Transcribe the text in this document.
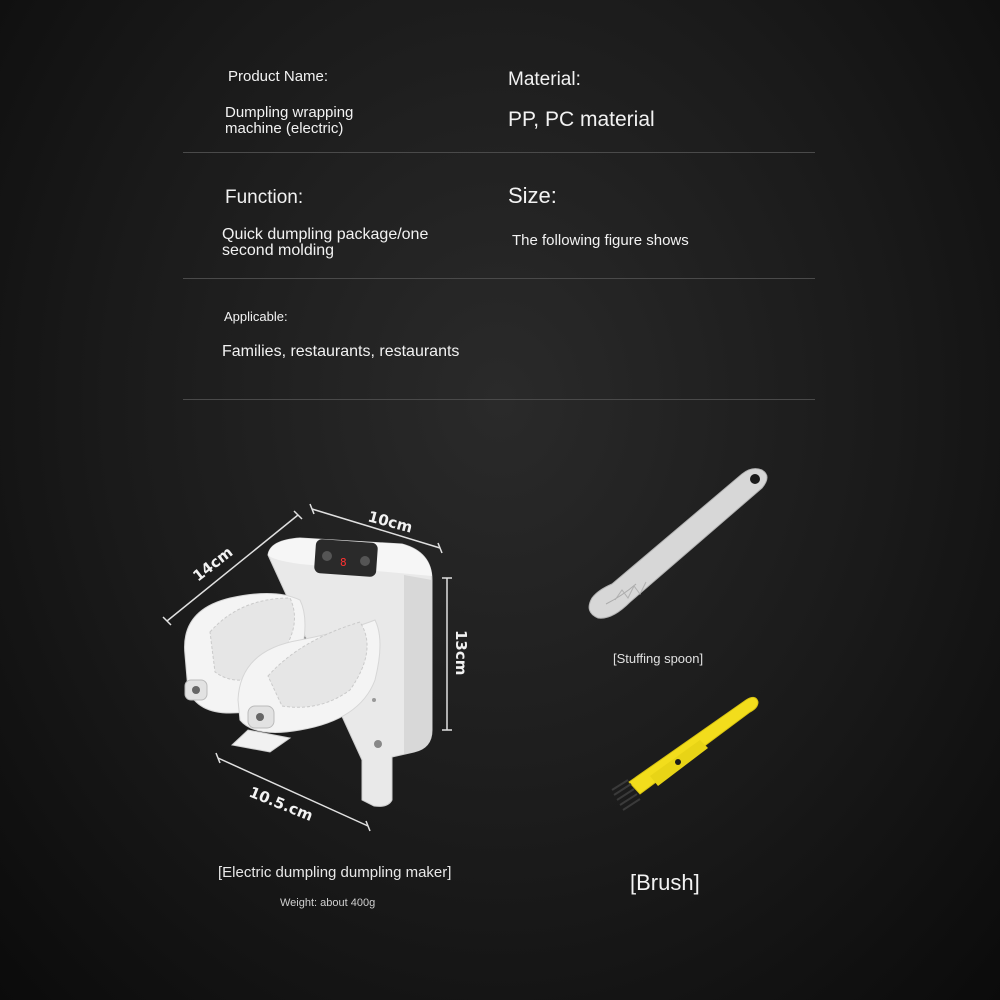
Product Name:
Dumpling wrapping
machine (electric)
Material:
PP, PC material
Function:
Quick dumpling package/one
second molding
Size:
The following figure shows
Applicable:
Families, restaurants, restaurants
10cm
14cm
13cm
10.5.cm
8
[Electric dumpling dumpling maker]
Weight: about 400g
[Stuffing spoon]
[Brush]
